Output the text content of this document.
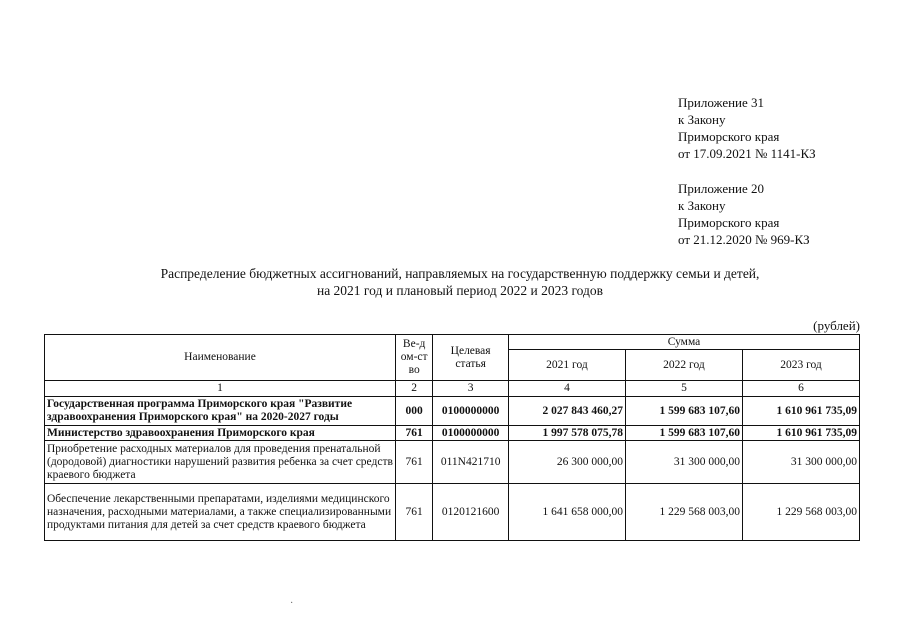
Приложение 31
к Закону
Приморского края
от 17.09.2021 № 1141-КЗ
Приложение 20
к Закону
Приморского края
от 21.12.2020 № 969-КЗ
Распределение бюджетных ассигнований, направляемых на государственную поддержку семьи и детей,
на 2021 год и плановый период 2022 и 2023 годов
(рублей)
Наименование	Ве-дом-ство	Целевая статья	Сумма		
			2021 год	2022 год	2023 год
1	2	3	4	5	6
Государственная программа Приморского края "Развитие здравоохранения Приморского края" на 2020-2027 годы	000	0100000000	2 027 843 460,27	1 599 683 107,60	1 610 961 735,09
Министерство здравоохранения Приморского края	761	0100000000	1 997 578 075,78	1 599 683 107,60	1 610 961 735,09
Приобретение расходных материалов для проведения пренатальной (дородовой) диагностики нарушений развития ребенка за счет средств краевого бюджета	761	011N421710	26 300 000,00	31 300 000,00	31 300 000,00
Обеспечение лекарственными препаратами, изделиями медицинского назначения, расходными материалами, а также специализированными продуктами питания для детей за счет средств краевого бюджета	761	0120121600	1 641 658 000,00	1 229 568 003,00	1 229 568 003,00
·
